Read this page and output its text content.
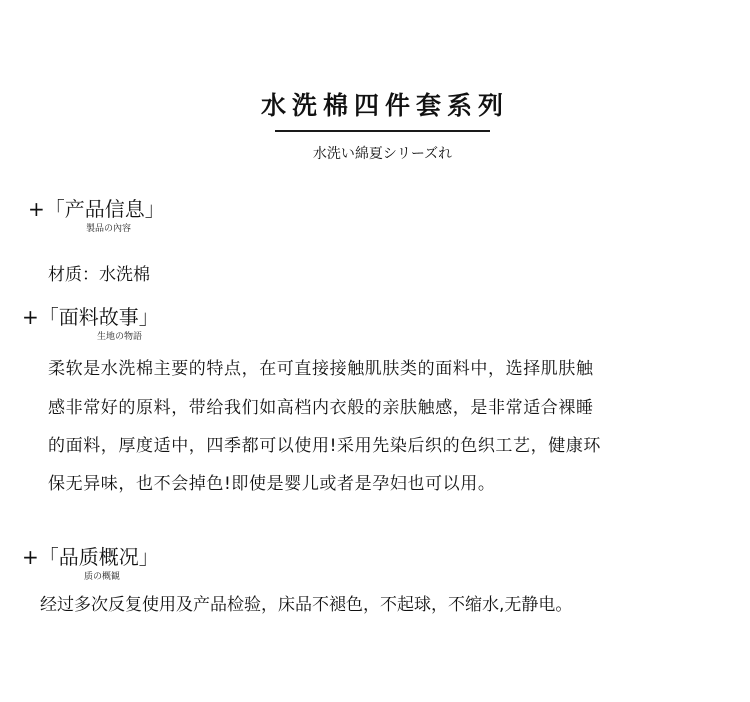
水洗棉四件套系列
水洗い綿夏シリーズれ
+「产品信息」
製品の內容
材质：水洗棉
+「面料故事」
生地の物語
柔软是水洗棉主要的特点，在可直接接触肌肤类的面料中，选择肌肤触
感非常好的原料，带给我们如高档内衣般的亲肤触感，是非常适合裸睡
的面料，厚度适中，四季都可以使用!采用先染后织的色织工艺，健康环
保无异味，也不会掉色!即使是婴儿或者是孕妇也可以用。
+「品质概况」
质の概観
经过多次反复使用及产品检验，床品不褪色，不起球，不缩水,无静电。
